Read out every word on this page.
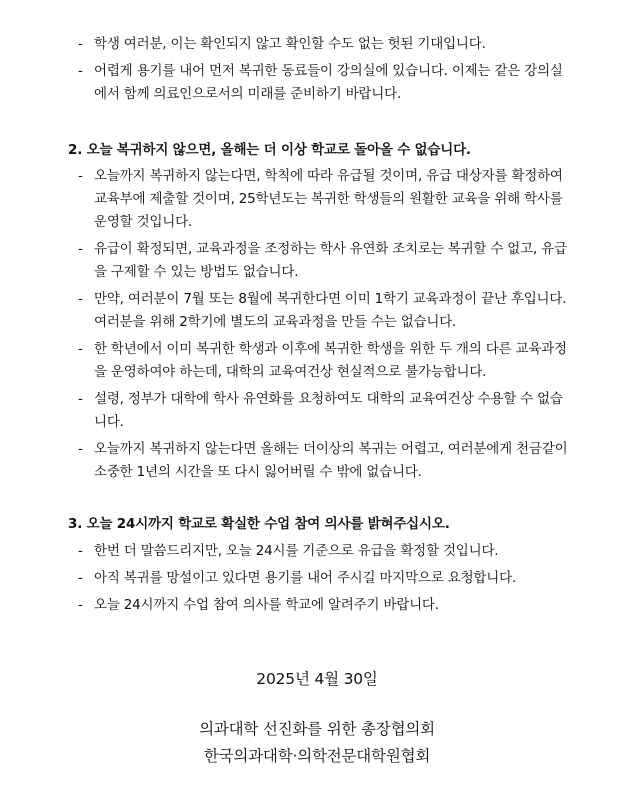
- 학생 여러분, 이는 확인되지 않고 확인할 수도 없는 헛된 기대입니다.
- 어렵게 용기를 내어 먼저 복귀한 동료들이 강의실에 있습니다. 이제는 같은 강의실에서 함께 의료인으로서의 미래를 준비하기 바랍니다.
2. 오늘 복귀하지 않으면, 올해는 더 이상 학교로 돌아올 수 없습니다.
- 오늘까지 복귀하지 않는다면, 학칙에 따라 유급될 것이며, 유급 대상자를 확정하여 교육부에 제출할 것이며, 25학년도는 복귀한 학생들의 원활한 교육을 위해 학사를 운영할 것입니다.
- 유급이 확정되면, 교육과정을 조정하는 학사 유연화 조치로는 복귀할 수 없고, 유급을 구제할 수 있는 방법도 없습니다.
- 만약, 여러분이 7월 또는 8월에 복귀한다면 이미 1학기 교육과정이 끝난 후입니다. 여러분을 위해 2학기에 별도의 교육과정을 만들 수는 없습니다.
- 한 학년에서 이미 복귀한 학생과 이후에 복귀한 학생을 위한 두 개의 다른 교육과정을 운영하여야 하는데, 대학의 교육여건상 현실적으로 불가능합니다.
- 설령, 정부가 대학에 학사 유연화를 요청하여도 대학의 교육여건상 수용할 수 없습니다.
- 오늘까지 복귀하지 않는다면 올해는 더이상의 복귀는 어렵고, 여러분에게 천금같이 소중한 1년의 시간을 또 다시 잃어버릴 수 밖에 없습니다.
3. 오늘 24시까지 학교로 확실한 수업 참여 의사를 밝혀주십시오.
- 한번 더 말씀드리지만, 오늘 24시를 기준으로 유급을 확정할 것입니다.
- 아직 복귀를 망설이고 있다면 용기를 내어 주시길 마지막으로 요청합니다.
- 오늘 24시까지 수업 참여 의사를 학교에 알려주기 바랍니다.
2025년 4월 30일
의과대학 선진화를 위한 총장협의회
한국의과대학·의학전문대학원협회
